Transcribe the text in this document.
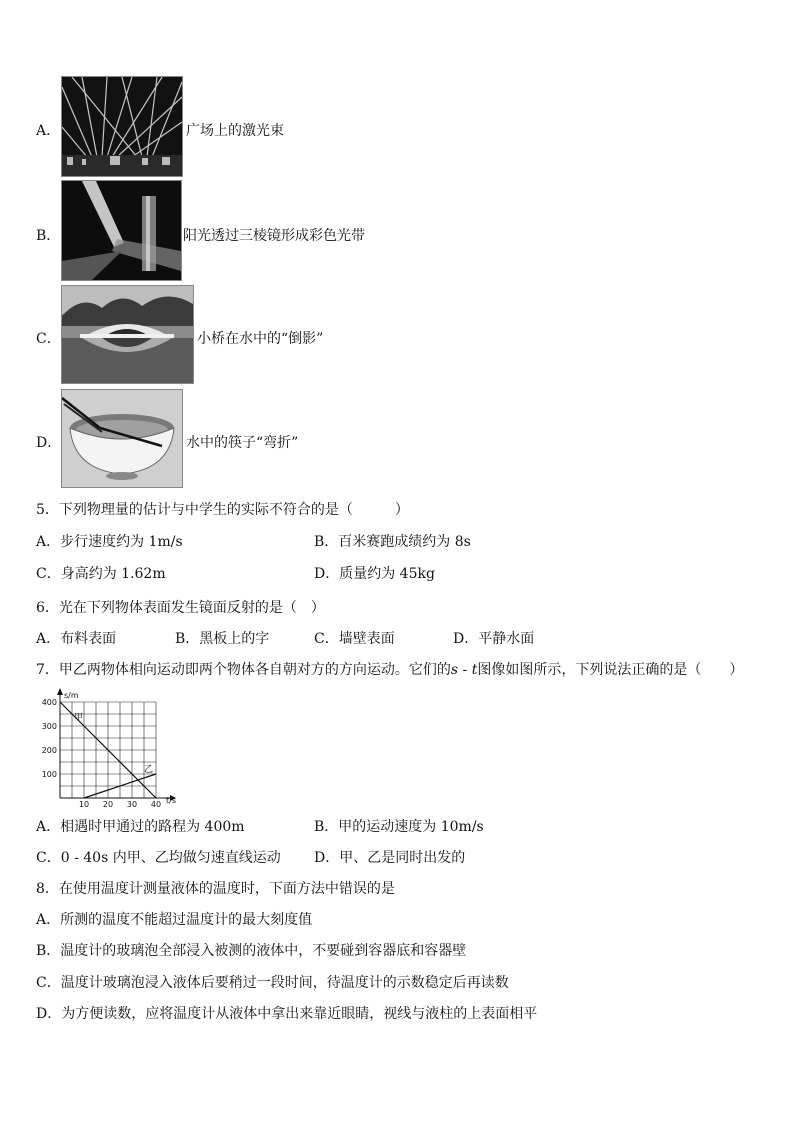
A．	广场上的激光束
B．	阳光透过三棱镜形成彩色光带
C．	小桥在水中的“倒影”
D．	水中的筷子“弯折”
5．下列物理量的估计与中学生的实际不符合的是（　　　）
A．步行速度约为 1m/s	B．百米赛跑成绩约为 8s
C．身高约为 1.62m	D．质量约为 45kg
6．光在下列物体表面发生镜面反射的是（　）
A．布料表面	B．黑板上的字	C．墙壁表面	D．平静水面
7．甲乙两物体相向运动即两个物体各自朝对方的方向运动。它们的s - t图像如图所示，下列说法正确的是（　　）
s/m
t/s
10 20 30 40
100
200
300
400
甲
乙
A．相遇时甲通过的路程为 400m	B．甲的运动速度为 10m/s
C．0 - 40s 内甲、乙均做匀速直线运动 D．甲、乙是同时出发的
8．在使用温度计测量液体的温度时，下面方法中错误的是
A．所测的温度不能超过温度计的最大刻度值
B．温度计的玻璃泡全部浸入被测的液体中，不要碰到容器底和容器壁
C．温度计玻璃泡浸入液体后要稍过一段时间，待温度计的示数稳定后再读数
D．为方便读数，应将温度计从液体中拿出来靠近眼睛，视线与液柱的上表面相平
